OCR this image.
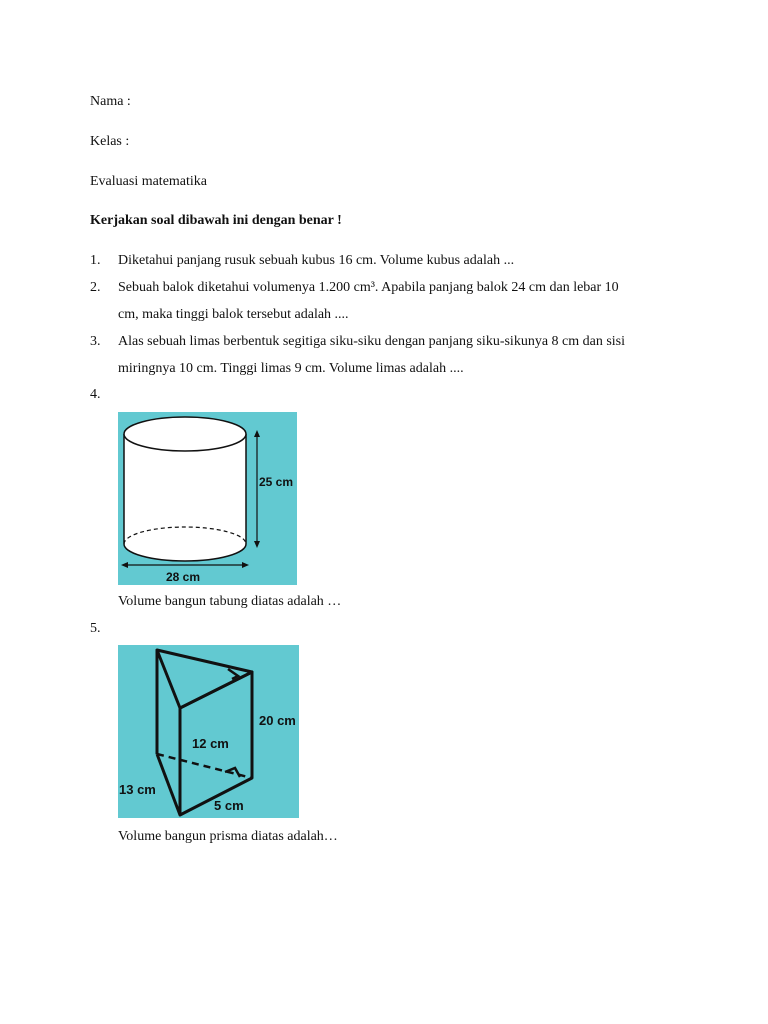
Nama :
Kelas :
Evaluasi matematika
Kerjakan soal dibawah ini dengan benar !
1. Diketahui panjang rusuk sebuah kubus 16 cm. Volume kubus adalah ...
2. Sebuah balok diketahui volumenya 1.200 cm³. Apabila panjang balok 24 cm dan lebar 10
cm, maka tinggi balok tersebut adalah ....
3. Alas sebuah limas berbentuk segitiga siku-siku dengan panjang siku-sikunya 8 cm dan sisi
miringnya 10 cm. Tinggi limas 9 cm. Volume limas adalah ....
4.
25 cm
28 cm
Volume bangun tabung diatas adalah …
5.
20 cm
12 cm
13 cm
5 cm
Volume bangun prisma diatas adalah…
